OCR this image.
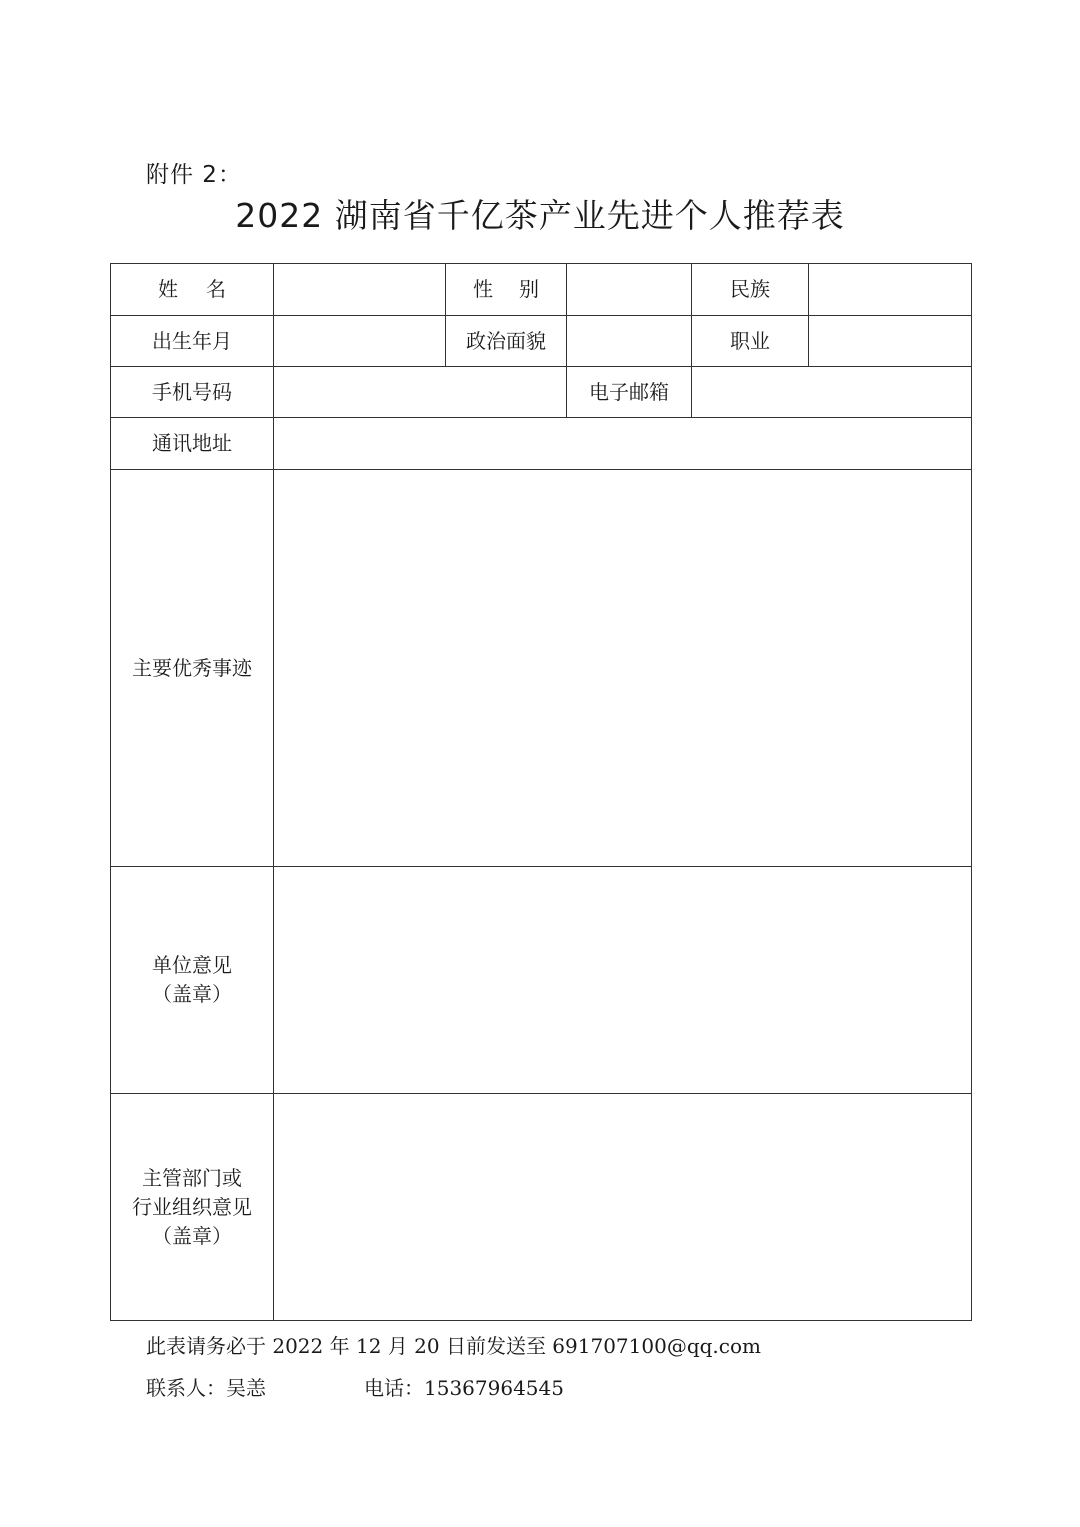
附件 2：
2022 湖南省千亿茶产业先进个人推荐表
姓名		性别		民族	
出生年月		政治面貌		职业	
手机号码			电子邮箱		
通讯地址					
主要优秀事迹					

单位意见
（盖章）					

主管部门或
行业组织意见
（盖章）					

此表请务必于 2022 年 12 月 20 日前发送至 691707100@qq.com
联系人：吴恙	电话：15367964545
